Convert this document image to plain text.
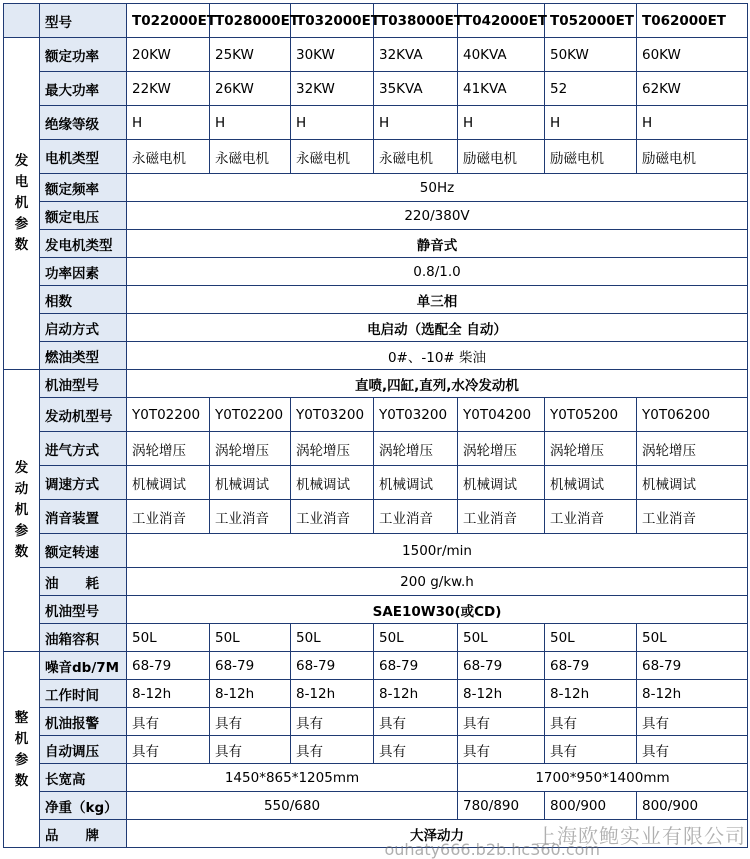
	型号	T022000ET	T028000ET	T032000ET	T038000ET	T042000ET	T052000ET	T062000ET
发电机参数	额定功率	20KW	25KW	30KW	32KVA	40KVA	50KW	60KW
	最大功率	22KW	26KW	32KW	35KVA	41KVA	52	62KW
	绝缘等级	H	H	H	H	H	H	H
	电机类型	永磁电机	永磁电机	永磁电机	永磁电机	励磁电机	励磁电机	励磁电机
	额定频率	50Hz						
	额定电压	220/380V						
	发电机类型	静音式						
	功率因素	0.8/1.0						
	相数	单三相						
	启动方式	电启动（选配全 自动）						
	燃油类型	0#、-10# 柴油						
发动机参数	机油型号	直喷,四缸,直列,水冷发动机						
	发动机型号	Y0T02200	Y0T02200	Y0T03200	Y0T03200	Y0T04200	Y0T05200	Y0T06200
	进气方式	涡轮增压	涡轮增压	涡轮增压	涡轮增压	涡轮增压	涡轮增压	涡轮增压
	调速方式	机械调试	机械调试	机械调试	机械调试	机械调试	机械调试	机械调试
	消音装置	工业消音	工业消音	工业消音	工业消音	工业消音	工业消音	工业消音
	额定转速	1500r/min						
	油　　耗	200 g/kw.h						
	机油型号	SAE10W30(或CD)						
	油箱容积	50L	50L	50L	50L	50L	50L	50L
整机参数	噪音db/7M	68-79	68-79	68-79	68-79	68-79	68-79	68-79
	工作时间	8-12h	8-12h	8-12h	8-12h	8-12h	8-12h	8-12h
	机油报警	具有	具有	具有	具有	具有	具有	具有
	自动调压	具有	具有	具有	具有	具有	具有	具有
	长宽高	1450*865*1205mm				1700*950*1400mm		
	净重（kg）	550/680				780/890	800/900	800/900
	品　　牌	大泽动力							上海欧鲍实业有限公司
ouhaty666.b2b.hc360.com
